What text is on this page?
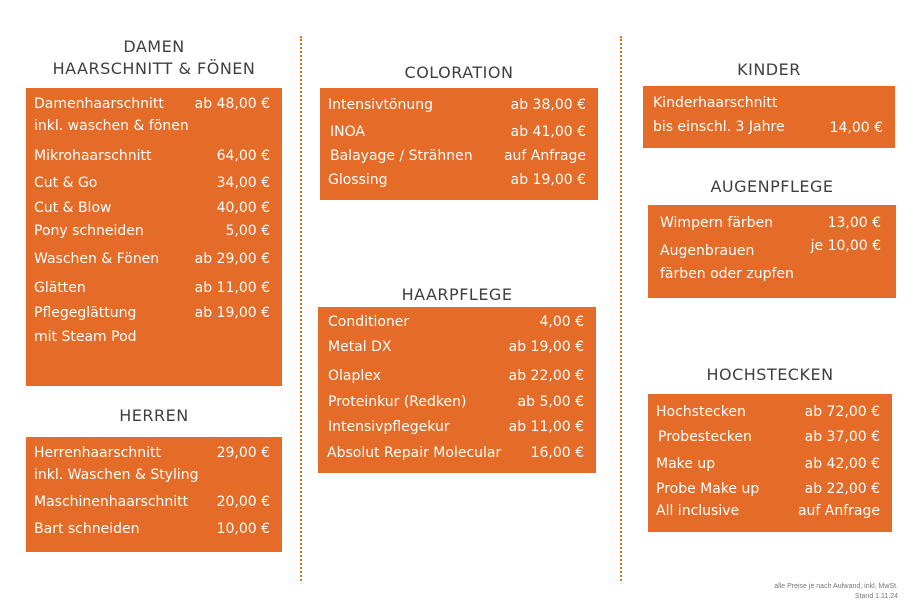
DAMEN
HAARSCHNITT & FÖNEN
Damenhaarschnitt ab 48,00 €
inkl. waschen & fönen
Mikrohaarschnitt	64,00 €
Cut & Go	34,00 €
Cut & Blow	40,00 €
Pony schneiden	5,00 €
Waschen & Fönen	ab 29,00 €
Glätten	ab 11,00 €
Pflegeglättung	ab 19,00 €
mit Steam Pod
HERREN
Herrenhaarschnitt	29,00 €
inkl. Waschen & Styling
Maschinenhaarschnitt 20,00 €
Bart schneiden	10,00 €
COLORATION
Intensivtönung	ab 38,00 €
INOA	ab 41,00 €
Balayage / Strähnen auf Anfrage
Glossing	ab 19,00 €
HAARPFLEGE
Conditioner	4,00 €
Metal DX	ab 19,00 €
Olaplex	ab 22,00 €
Proteinkur (Redken)	ab 5,00 €
Intensivpflegekur	ab 11,00 €
Absolut Repair Molecular 16,00 €
KINDER
Kinderhaarschnitt
bis einschl. 3 Jahre	14,00 €
AUGENPFLEGE
Wimpern färben	13,00 €
Augenbrauen
färben oder zupfen
je 10,00 €
HOCHSTECKEN
Hochstecken	ab 72,00 €
Probestecken	ab 37,00 €
Make up	ab 42,00 €
Probe Make up	ab 22,00 €
All inclusive	auf Anfrage
alle Preise je nach Aufwand, inkl. MwSt.
Stand 1.11.24
